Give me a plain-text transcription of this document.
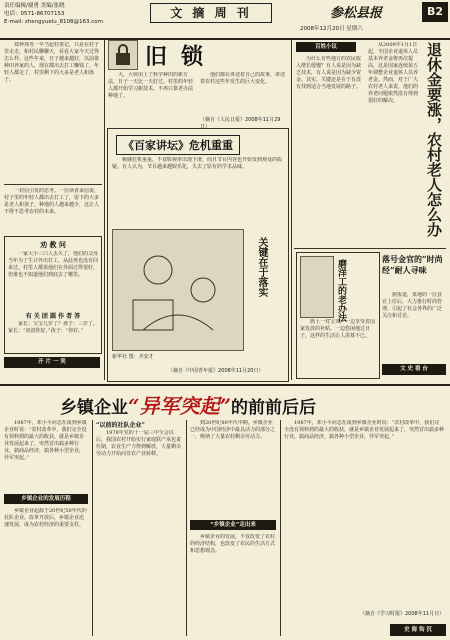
责任编辑/谢勇 美编/张晓
电话：0571-86707153
E-mail: zhengyuelu_8108@163.com
文 摘 周 刊	参松县报	B2
2008年12月20日 星期六
郑钟邦等一早当起村委记，只是在村子里走走，和村民聊聊天，看看大家今天过得怎么样。这些年来，日子越来越好，以前靠种田养家的人，现在都出去打工赚钱了，年轻人都走了，村里剩下的大多是老人和孩子。
一封信引发的思考。一位读者来信说，村子里的年轻人都出去打工了，留下的大多是老人和孩子，种地的人越来越少，这让人不得不思考农村的未来。
劝 教 问
一家大小三口人丢失了，他们的父母当年为了生计外出打工，从此再也没有回来过。村里人都说他们在外面过得很好，但谁也不知道他们到底去了哪里。
有 关 团 圆 作 者 答
家长：宝宝几岁了？孩子：三岁了。家长：“叔叔你好。”孩子：“你好。”
开 片 一 笑
旧锁
大，大伙用上了科学种田的新方法，日子一天比一天好过。村里的年轻人都开始学习新技术，不再只靠老办法种地了。
他们都在讲述着自己的故事，讲述着农村这些年发生的巨大变化。
（摘自《人民日报》2008年11月29日）
《百家讲坛》危机重重
颇感危机重重，不仅收视率出现下滑，而且节目内容也开始受到观众的质疑。有人认为，节目越来越娱乐化，失去了原有的学术品味。
关键在于落实
新华社 图：齐安才
（摘自《中国青年报》2008年11月20日）
百姓小议
为什么有些地方的农民收入增长缓慢？有人说是因为缺乏技术，有人说是因为缺少资金。其实，关键还是在于有没有找到适合当地发展的路子。
从2009年1月1日起，全国企业退休人员基本养老金将再次提高，这是国家连续第五年调整企业退休人员养老金。然而，对于广大农村老人来说，他们的养老问题依然没有得到很好的解决。	退休金要涨，农村老人怎么办
磨洋工的老办法
画上一对宝贝，一边享受着国家发放的补贴，一边悠闲地过日子，这样的生活让人羡慕不已。
落号金官的“时尚经”耐人寻味
据报道，某地的一位县官上任后，大力推行时尚管理，引起了社会各界的广泛关注和讨论。
文 史 看 台
乡镇企业“异军突起”的前前后后
1987年，邓小平同志在谈到乡镇企业时说：“农村改革中，我们完全没有预料到的最大的收获，就是乡镇企业发展起来了，突然冒出搞多种行业，搞商品经济，搞各种小型企业，异军突起。”
乡镇企业的发展历程
乡镇企业起源于20世纪50年代的社队企业，改革开放后，乡镇企业迅速发展，成为农村经济的重要支柱。
“以前的社队企业”
1978年党的十一届三中全会以后，我国农村开始实行家庭联产承包责任制，农业生产力得到解放，大量剩余劳动力开始向非农产业转移。
到20世纪80年代中期，乡镇企业已经成为中国经济中最具活力的部分之一，吸纳了大量农村剩余劳动力。
“乡镇企业”走出来
乡镇企业的发展，不仅改变了农村的经济结构，也改变了农民的生活方式和思想观念。
1987年，邓小平同志在谈到乡镇企业时说：“农村改革中，我们完全没有预料到的最大的收获，就是乡镇企业发展起来了，突然冒出搞多种行业，搞商品经济，搞各种小型企业，异军突起。”
（摘自《学习时报》2008年11月日）
史 海 钩 沉
